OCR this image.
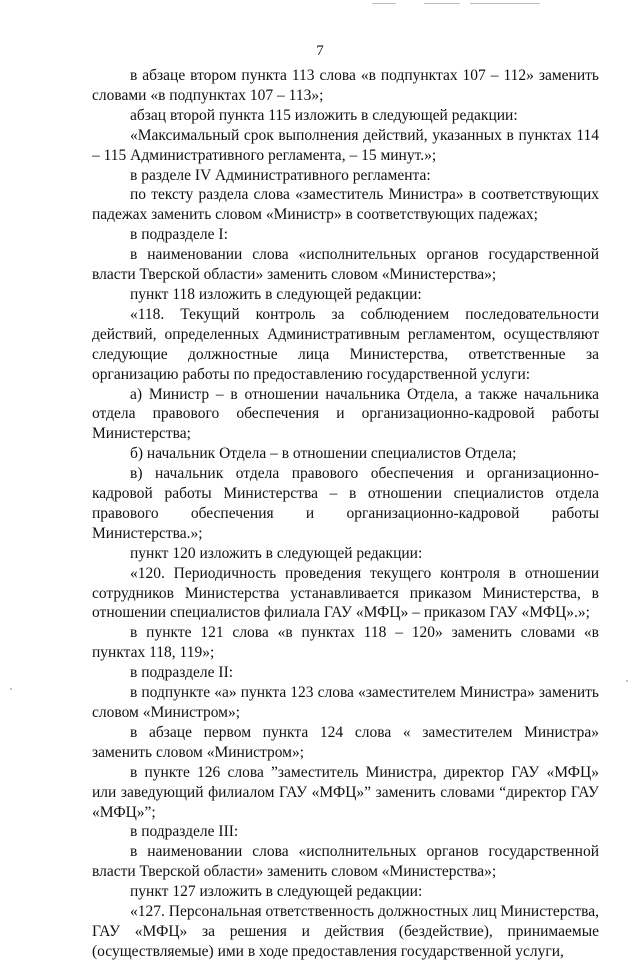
7

в абзаце втором пункта 113 слова «в подпунктах 107 – 112» заменить словами «в подпунктах 107 – 113»;

абзац второй пункта 115 изложить в следующей редакции:

«Максимальный срок выполнения действий, указанных в пунктах 114 – 115 Административного регламента, – 15 минут.»;

в разделе IV Административного регламента:

по тексту раздела слова «заместитель Министра» в соответствующих падежах заменить словом «Министр» в соответствующих падежах;

в подразделе I:

в наименовании слова «исполнительных органов государственной власти Тверской области» заменить словом «Министерства»;

пункт 118 изложить в следующей редакции:

«118. Текущий контроль за соблюдением последовательности действий, определенных Административным регламентом, осуществляют следующие должностные лица Министерства, ответственные за организацию работы по предоставлению государственной услуги:

а) Министр – в отношении начальника Отдела, а также начальника отдела правового обеспечения и организационно-кадровой работы Министерства;

б) начальник Отдела – в отношении специалистов Отдела;

в) начальник отдела правового обеспечения и организационно-кадровой работы Министерства – в отношении специалистов отдела правового обеспечения и организационно-кадровой работы Министерства.»;

пункт 120 изложить в следующей редакции:

«120. Периодичность проведения текущего контроля в отношении сотрудников Министерства устанавливается приказом Министерства, в отношении специалистов филиала ГАУ «МФЦ» – приказом ГАУ «МФЦ».»;

в пункте 121 слова «в пунктах 118 – 120» заменить словами «в пунктах 118, 119»;

в подразделе II:

в подпункте «а» пункта 123 слова «заместителем Министра» заменить словом «Министром»;

в абзаце первом пункта 124 слова « заместителем Министра» заменить словом «Министром»;

в пункте 126 слова ”заместитель Министра, директор ГАУ «МФЦ» или заведующий филиалом ГАУ «МФЦ»” заменить словами “директор ГАУ «МФЦ»”;

в подразделе III:

в наименовании слова «исполнительных органов государственной власти Тверской области» заменить словом «Министерства»;

пункт 127 изложить в следующей редакции:

«127. Персональная ответственность должностных лиц Министерства, ГАУ «МФЦ» за решения и действия (бездействие), принимаемые (осуществляемые) ими в ходе предоставления государственной услуги,
